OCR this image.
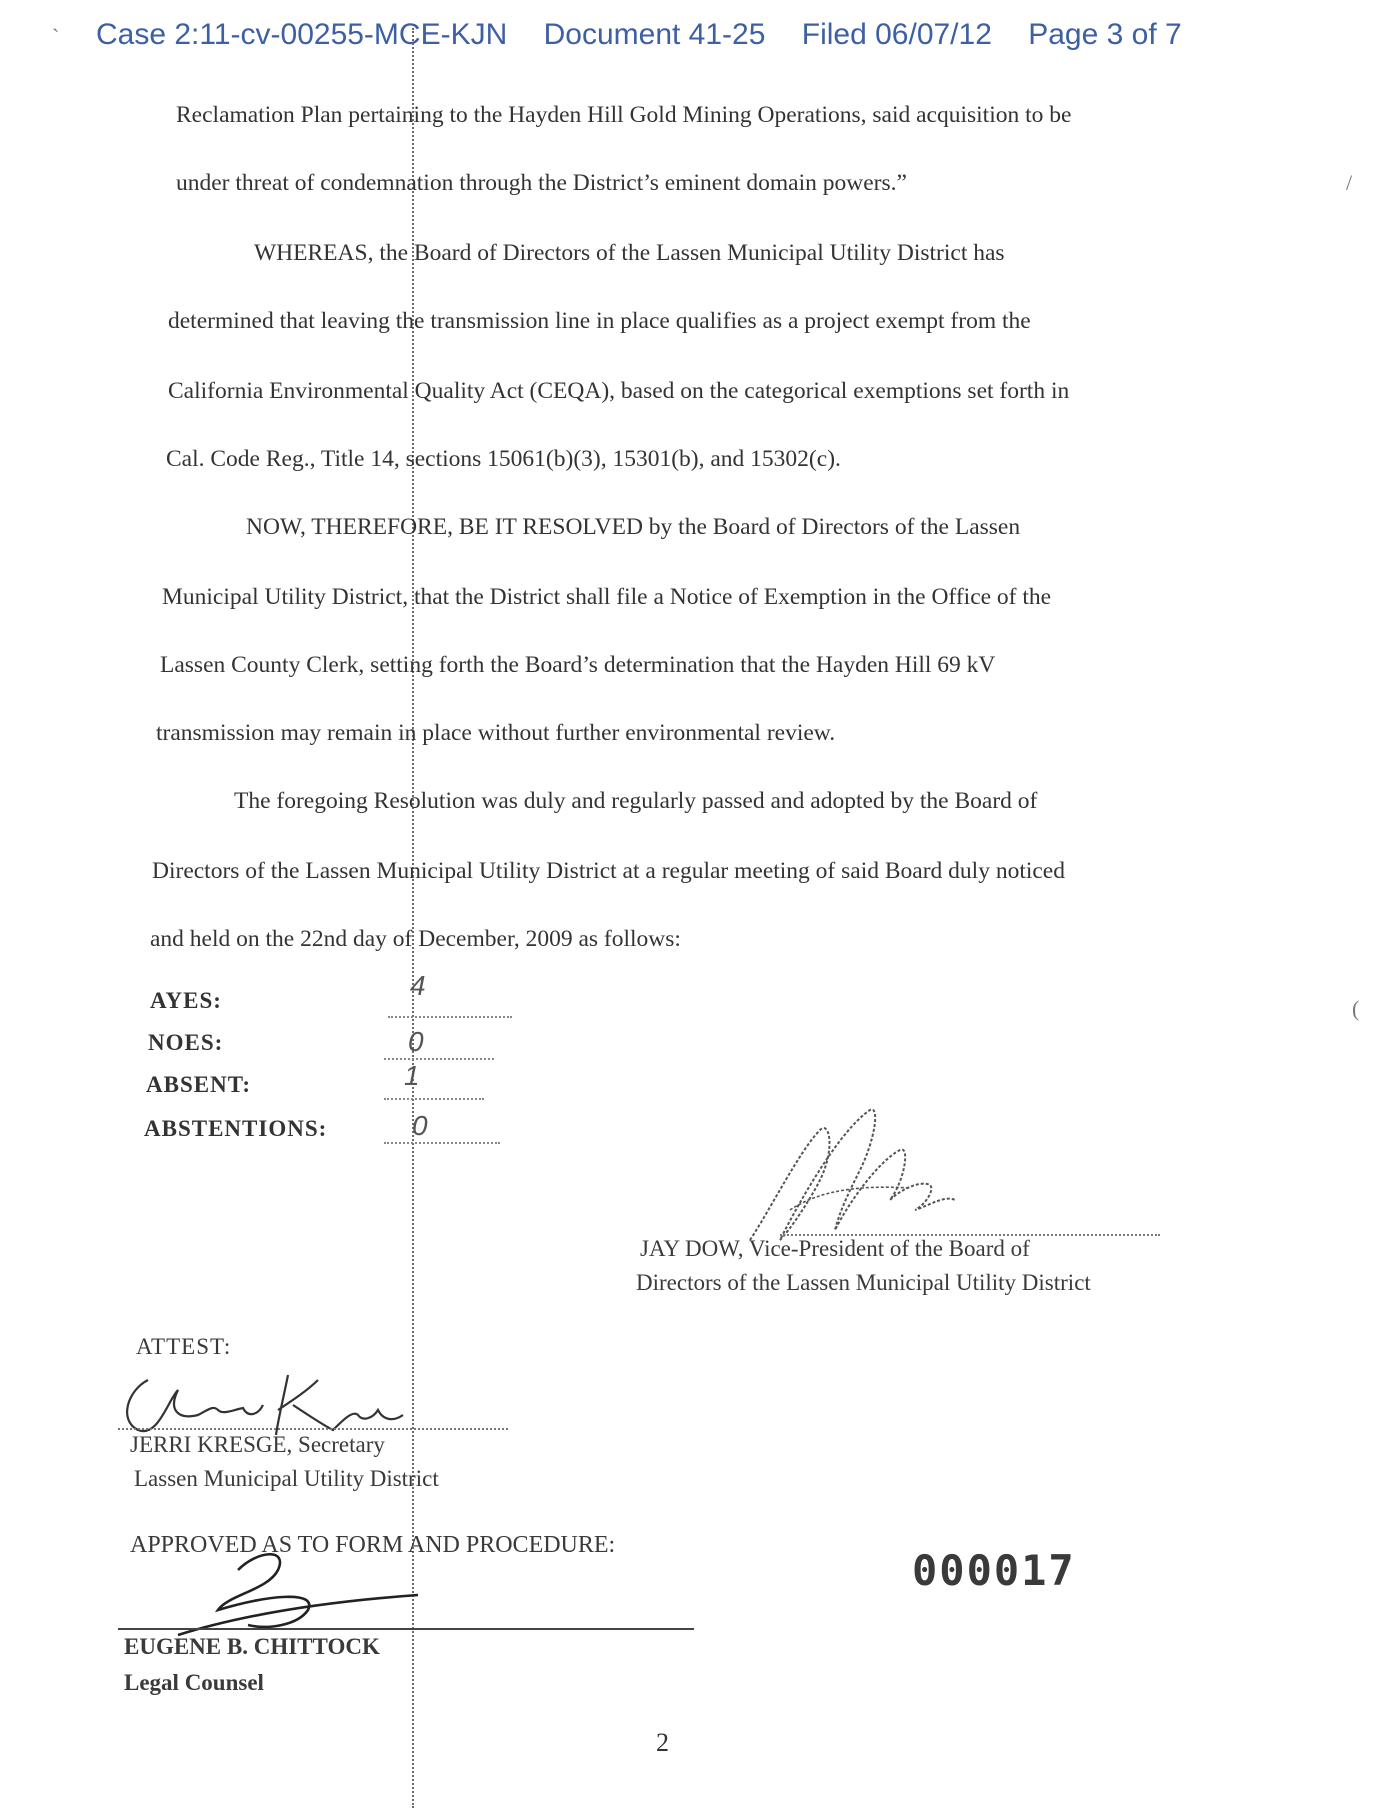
Case 2:11-cv-00255-MCE-KJN Document 41-25 Filed 06/07/12 Page 3 of 7
Reclamation Plan pertaining to the Hayden Hill Gold Mining Operations, said acquisition to be
under threat of condemnation through the District’s eminent domain powers.”
WHEREAS, the Board of Directors of the Lassen Municipal Utility District has
determined that leaving the transmission line in place qualifies as a project exempt from the
California Environmental Quality Act (CEQA), based on the categorical exemptions set forth in
Cal. Code Reg., Title 14, sections 15061(b)(3), 15301(b), and 15302(c).
NOW, THEREFORE, BE IT RESOLVED by the Board of Directors of the Lassen
Municipal Utility District, that the District shall file a Notice of Exemption in the Office of the
Lassen County Clerk, setting forth the Board’s determination that the Hayden Hill 69 kV
transmission may remain in place without further environmental review.
The foregoing Resolution was duly and regularly passed and adopted by the Board of
Directors of the Lassen Municipal Utility District at a regular meeting of said Board duly noticed
and held on the 22nd day of December, 2009 as follows:
AYES:	4
NOES:	0
ABSENT:	1
ABSTENTIONS:	0
JAY DOW, Vice-President of the Board of
Directors of the Lassen Municipal Utility District
ATTEST:
JERRI KRESGE, Secretary
Lassen Municipal Utility District
APPROVED AS TO FORM AND PROCEDURE:
EUGENE B. CHITTOCK
Legal Counsel
000017
2
`
/
(
